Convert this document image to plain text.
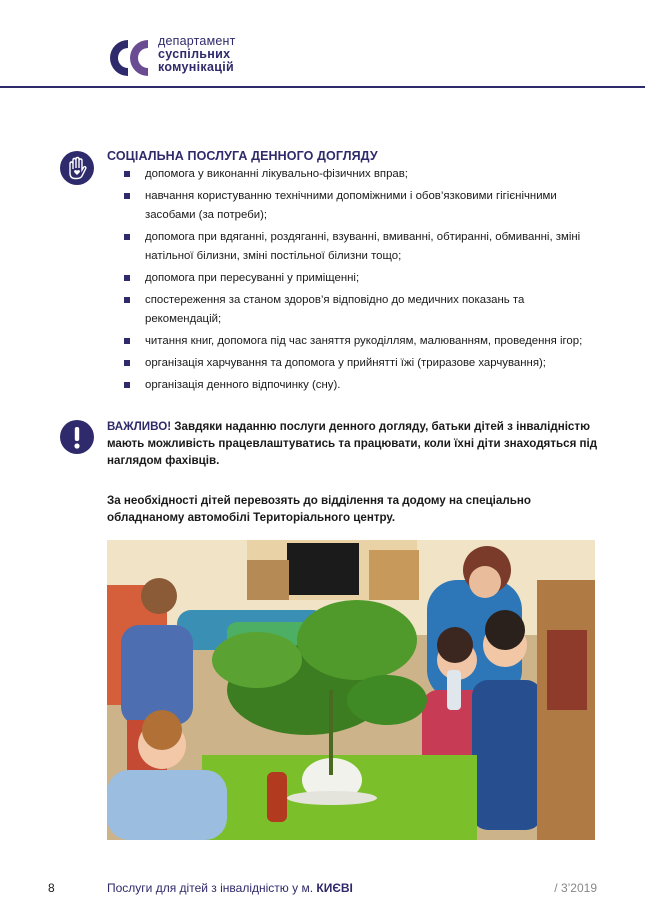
департамент
суспільних
комунікацій
СОЦІАЛЬНА ПОСЛУГА ДЕННОГО ДОГЛЯДУ
допомога у виконанні лікувально-фізичних вправ;
навчання користуванню технічними допоміжними і обов’язковими гігієнічними засобами (за потреби);
допомога при вдяганні, роздяганні, взуванні, вмиванні, обтиранні, обмиванні, зміні натільної білизни, зміні постільної білизни тощо;
допомога при пересуванні у приміщенні;
спостереження за станом здоров’я відповідно до медичних показань та рекомендацій;
читання книг, допомога під час заняття рукоділлям, малюванням, проведення ігор;
організація харчування та допомога у прийнятті їжі (триразове харчування);
організація денного відпочинку (сну).
ВАЖЛИВО! Завдяки наданню послуги денного догляду, батьки дітей з інвалідністю мають можливість працевлаштуватись та працювати, коли їхні діти знаходяться під наглядом фахівців.
За необхідності дітей перевозять до відділення та додому на спеціально обладнаному автомобілі Територіального центру.
8	Послуги для дітей з інвалідністю у м. КИЄВІ	/ 3’2019
